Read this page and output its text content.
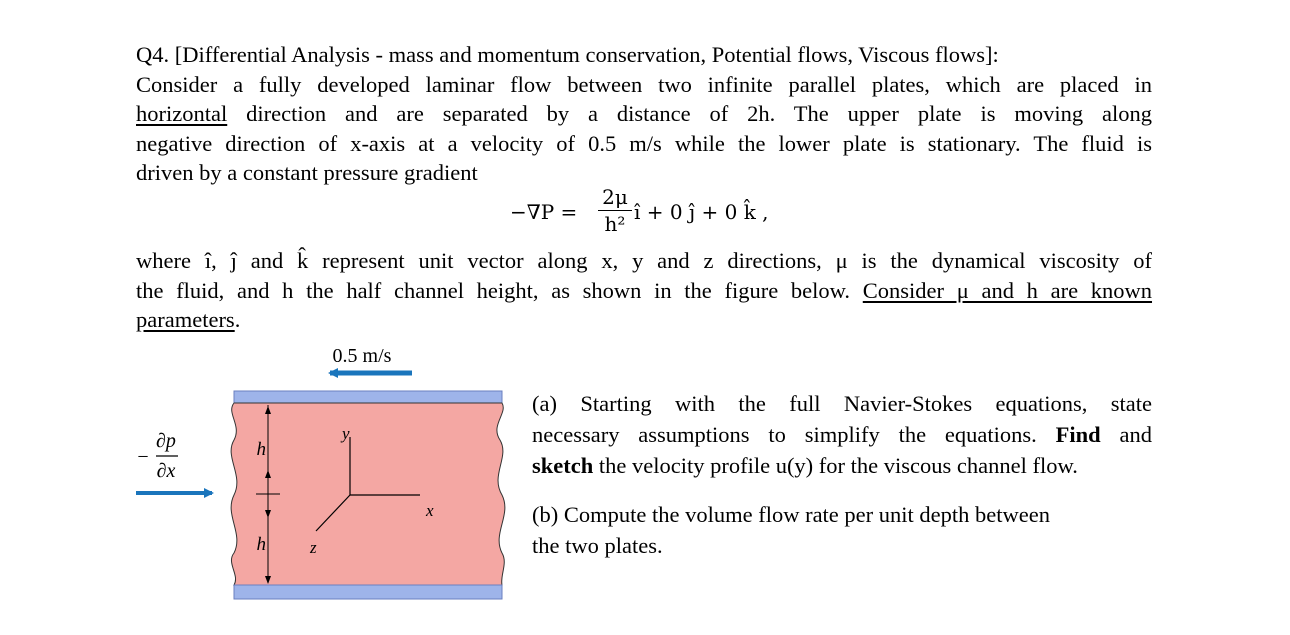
Q4. [Differential Analysis - mass and momentum conservation, Potential flows, Viscous flows]:
Consider a fully developed laminar flow between two infinite parallel plates, which are placed in
horizontal direction and are separated by a distance of 2h. The upper plate is moving along
negative direction of x-axis at a velocity of 0.5 m/s while the lower plate is stationary. The fluid is
driven by a constant pressure gradient
−∇P =
2μ
h² î + 0 ĵ + 0 k̂ ,
where î, ĵ and k̂ represent unit vector along x, y and z directions, μ is the dynamical viscosity of
the fluid, and h the half channel height, as shown in the figure below. Consider μ and h are known
parameters.
0.5 m/s
∂p
∂x
−	h
h
y
x
z
(a) Starting with the full Navier-Stokes equations, state
necessary assumptions to simplify the equations. Find and
sketch the velocity profile u(y) for the viscous channel flow.
(b) Compute the volume flow rate per unit depth between
the two plates.
